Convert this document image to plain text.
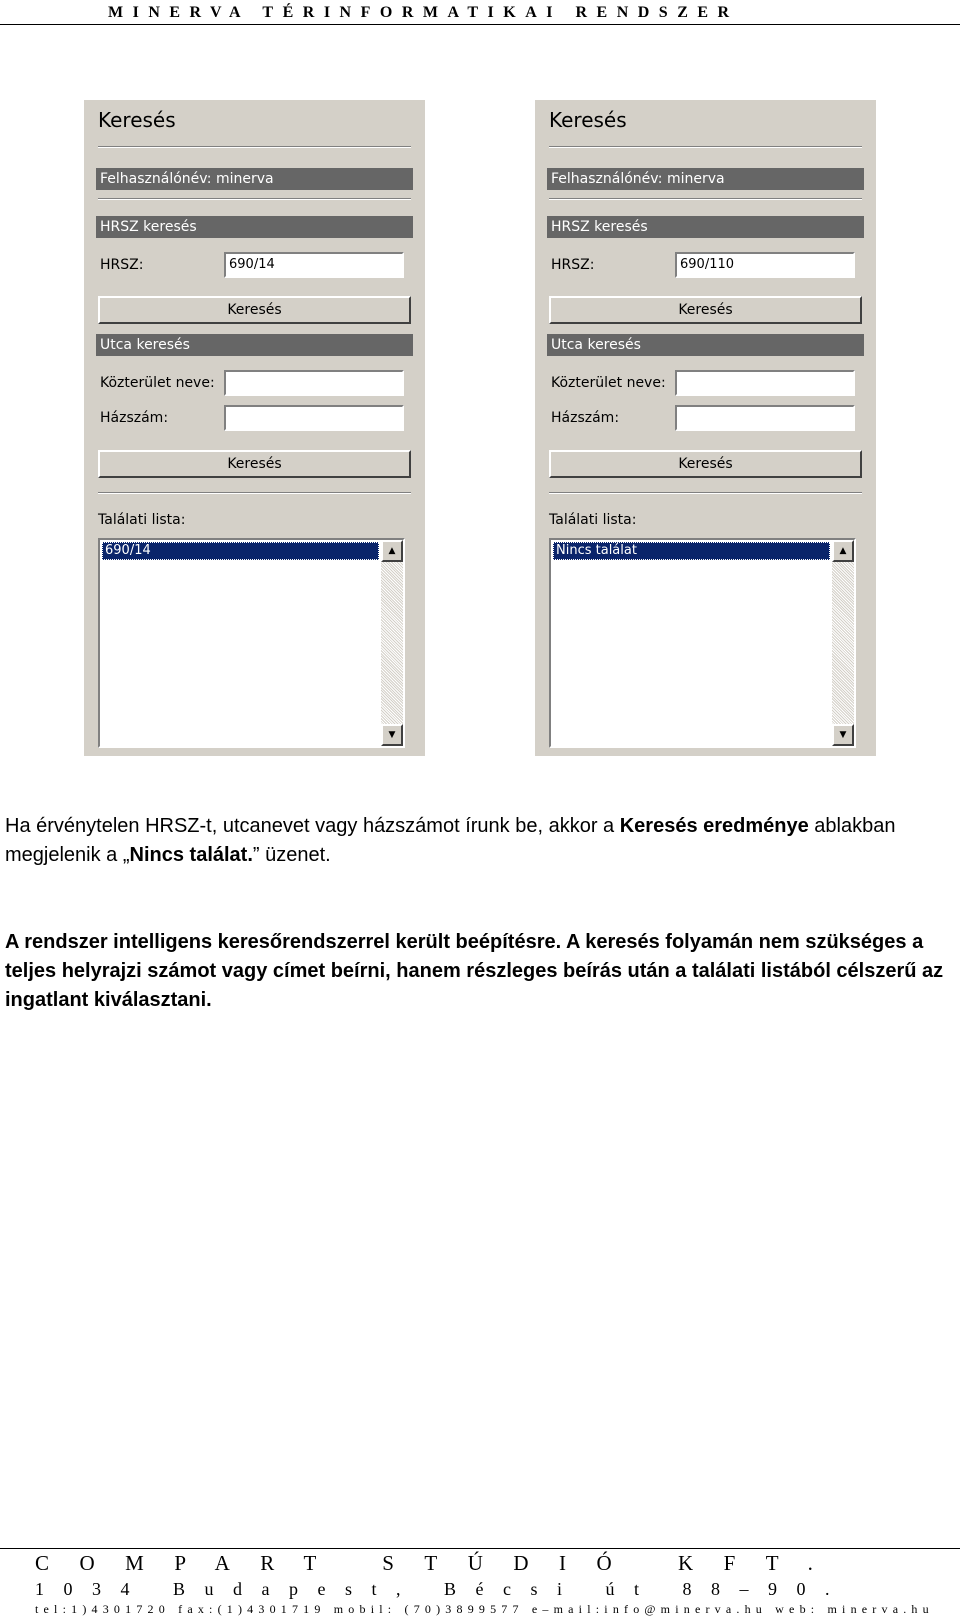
MINERVA TÉRINFORMATIKAI RENDSZER
Keresés
Felhasználónév: minerva
HRSZ keresés
HRSZ:	690/14
Keresés
Utca keresés
Közterület neve:
Házszám:
Keresés
Találati lista:
690/14	▲
▼
Keresés
Felhasználónév: minerva
HRSZ keresés
HRSZ:	690/110
Keresés
Utca keresés
Közterület neve:
Házszám:
Keresés
Találati lista:
Nincs találat	▲
▼
Ha érvénytelen HRSZ-t, utcanevet vagy házszámot írunk be, akkor a Keresés eredménye ablakban megjelenik a „Nincs találat.” üzenet.
A rendszer intelligens keresőrendszerrel került beépítésre. A keresés folyamán nem szükséges a teljes helyrajzi számot vagy címet beírni, hanem részleges beírás után a találati listából célszerű az ingatlant kiválasztani.
COMPART STÚDIÓ KFT.
1034 Budapest, Bécsi út 88–90.
tel:1)4301720 fax:(1)4301719 mobil: (70)3899577 e–mail:info@minerva.hu web: minerva.hu
